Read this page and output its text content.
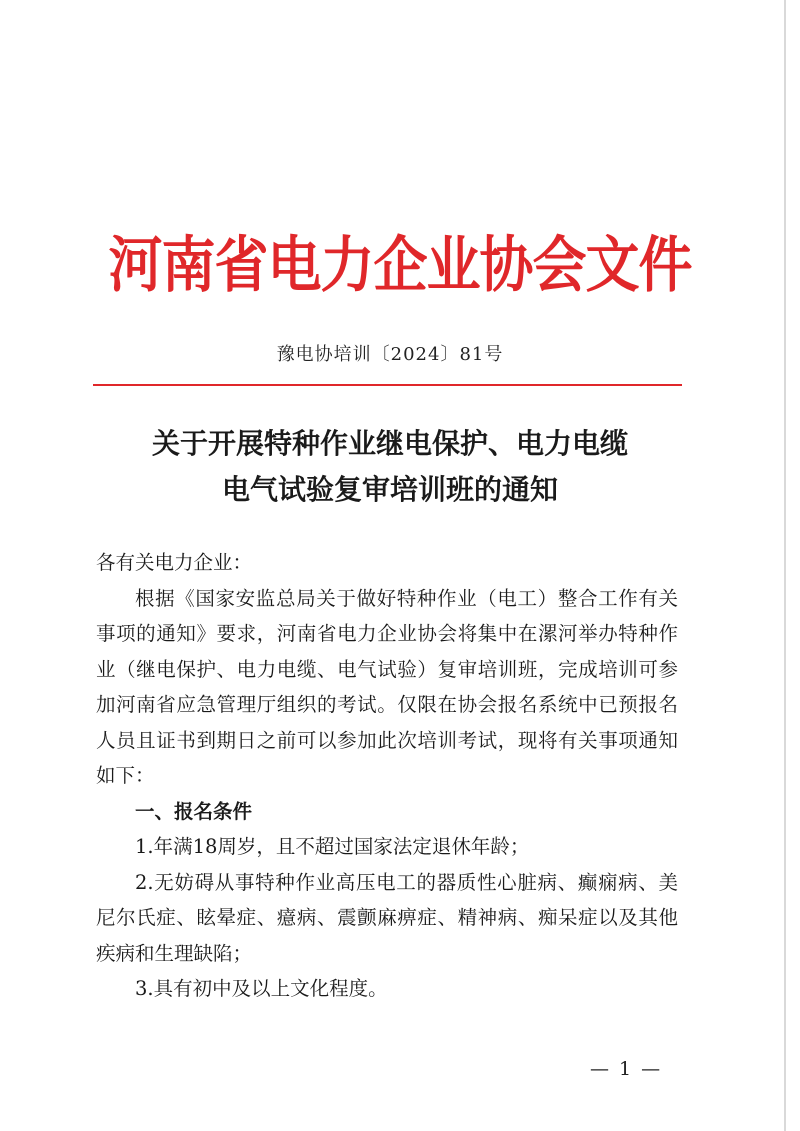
河南省电力企业协会文件
豫电协培训〔2024〕81号
关于开展特种作业继电保护、电力电缆
电气试验复审培训班的通知

各有关电力企业：

根据《国家安监总局关于做好特种作业（电工）整合工作有关事项的通知》要求，河南省电力企业协会将集中在漯河举办特种作业（继电保护、电力电缆、电气试验）复审培训班，完成培训可参加河南省应急管理厅组织的考试。仅限在协会报名系统中已预报名人员且证书到期日之前可以参加此次培训考试，现将有关事项通知如下：

一、报名条件

1.年满18周岁，且不超过国家法定退休年龄；

2.无妨碍从事特种作业高压电工的器质性心脏病、癫痫病、美尼尔氏症、眩晕症、癔病、震颤麻痹症、精神病、痴呆症以及其他疾病和生理缺陷；

3.具有初中及以上文化程度。

— 1 —
